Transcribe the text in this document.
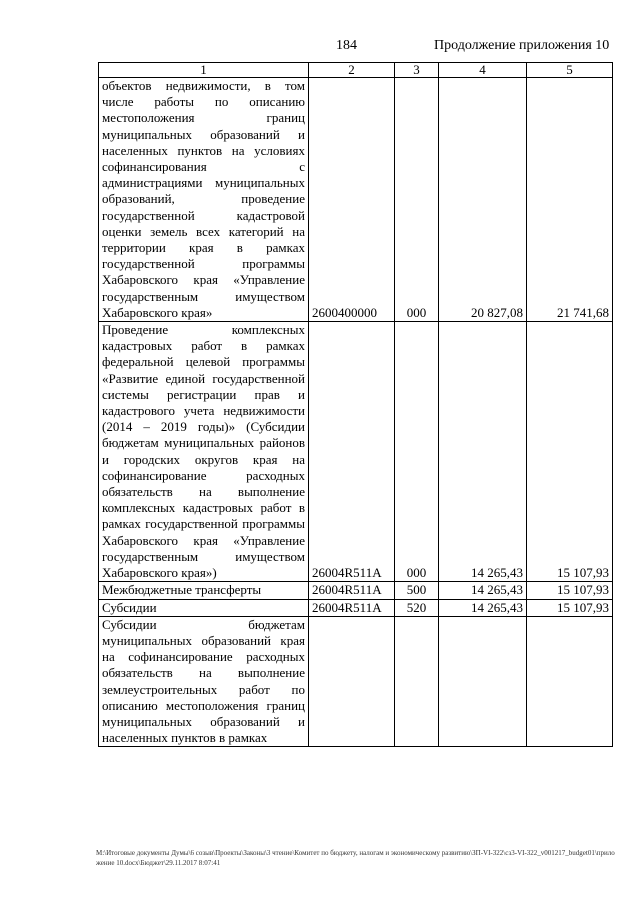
184	Продолжение приложения 10
1	2	3	4	5
объектов недвижимости, в том числе работы по описанию местоположения границ муниципальных образований и населенных пунктов на условиях софинансирования с администрациями муниципальных образований, проведение государственной кадастровой оценки земель всех категорий на территории края в рамках государственной программы Хабаровского края «Управление государственным имуществом Хабаровского края»	2600400000	000	20 827,08	21 741,68
Проведение комплексных кадастровых работ в рамках федеральной целевой программы «Развитие единой государственной системы регистрации прав и кадастрового учета недвижимости (2014 – 2019 годы)» (Субсидии бюджетам муниципальных районов и городских округов края на софинансирование расходных обязательств на выполнение комплексных кадастровых работ в рамках государственной программы Хабаровского края «Управление государственным имуществом Хабаровского края»)	26004R511A	000	14 265,43	15 107,93
Межбюджетные трансферты	26004R511A	500	14 265,43	15 107,93
Субсидии	26004R511A	520	14 265,43	15 107,93
Субсидии бюджетам муниципальных образований края на софинансирование расходных обязательств на выполнение землеустроительных работ по описанию местоположения границ муниципальных образований и населенных пунктов в рамках				
M:\Итоговые документы Думы\6 созыв\Проекты\Законы\3 чтение\Комитет по бюджету, налогам и экономическому развитию\ЗП-VI-322\сз3-VI-322_v001217_budget01\приложение 10.docx\Бюджет\29.11.2017 8:07:41
